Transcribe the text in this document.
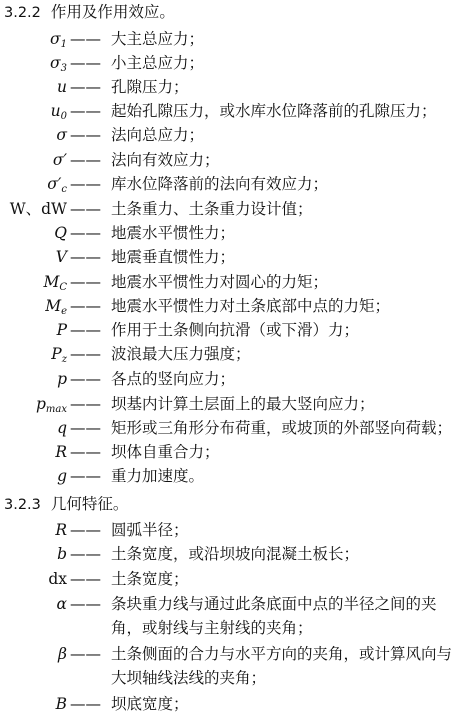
3.2.2 作用及作用效应。
$\sigma_1$ —— 大主总应力；
$\sigma_3$ —— 小主总应力；
u —— 孔隙压力；
$u_0$ —— 起始孔隙压力，或水库水位降落前的孔隙压力；
σ —— 法向总应力；
σ′ —— 法向有效应力；
$\sigma'_c$ —— 库水位降落前的法向有效应力；
W、dW —— 土条重力、土条重力设计值；
Q —— 地震水平惯性力；
V —— 地震垂直惯性力；
$M_C$ —— 地震水平惯性力对圆心的力矩；
$M_e$ —— 地震水平惯性力对土条底部中点的力矩；
P —— 作用于土条侧向抗滑（或下滑）力；
$P_z$ —— 波浪最大压力强度；
p —— 各点的竖向应力；
$p_{max}$ —— 坝基内计算土层面上的最大竖向应力；
q —— 矩形或三角形分布荷重，或坡顶的外部竖向荷载；
R —— 坝体自重合力；
g —— 重力加速度。
3.2.3 几何特征。
R —— 圆弧半径；
b —— 土条宽度，或沿坝坡向混凝土板长；
dx —— 土条宽度；
α —— 条块重力线与通过此条底面中点的半径之间的夹
角，或射线与主射线的夹角；
β —— 土条侧面的合力与水平方向的夹角，或计算风向与
大坝轴线法线的夹角；
B —— 坝底宽度；
